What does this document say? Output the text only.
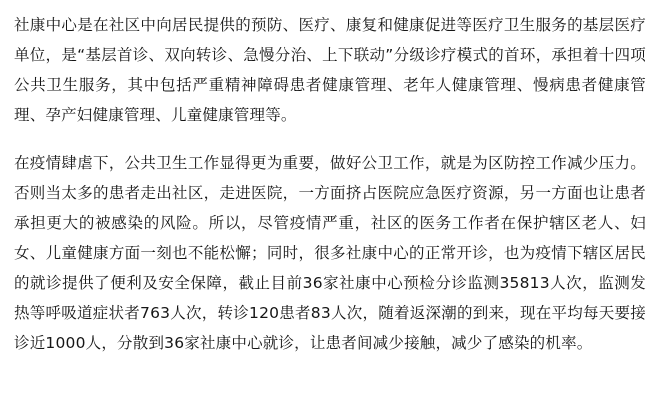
社康中心是在社区中向居民提供的预防、医疗、康复和健康促进等医疗卫生服务的基层医疗单位，是“基层首诊、双向转诊、急慢分治、上下联动”分级诊疗模式的首环，承担着十四项公共卫生服务，其中包括严重精神障碍患者健康管理、老年人健康管理、慢病患者健康管理、孕产妇健康管理、儿童健康管理等。

在疫情肆虐下，公共卫生工作显得更为重要，做好公卫工作，就是为区防控工作减少压力。否则当太多的患者走出社区，走进医院，一方面挤占医院应急医疗资源，另一方面也让患者承担更大的被感染的风险。所以，尽管疫情严重，社区的医务工作者在保护辖区老人、妇女、儿童健康方面一刻也不能松懈；同时，很多社康中心的正常开诊，也为疫情下辖区居民的就诊提供了便利及安全保障，截止目前36家社康中心预检分诊监测35813人次，监测发热等呼吸道症状者763人次，转诊120患者83人次，随着返深潮的到来，现在平均每天要接诊近1000人，分散到36家社康中心就诊，让患者间减少接触，减少了感染的机率。
